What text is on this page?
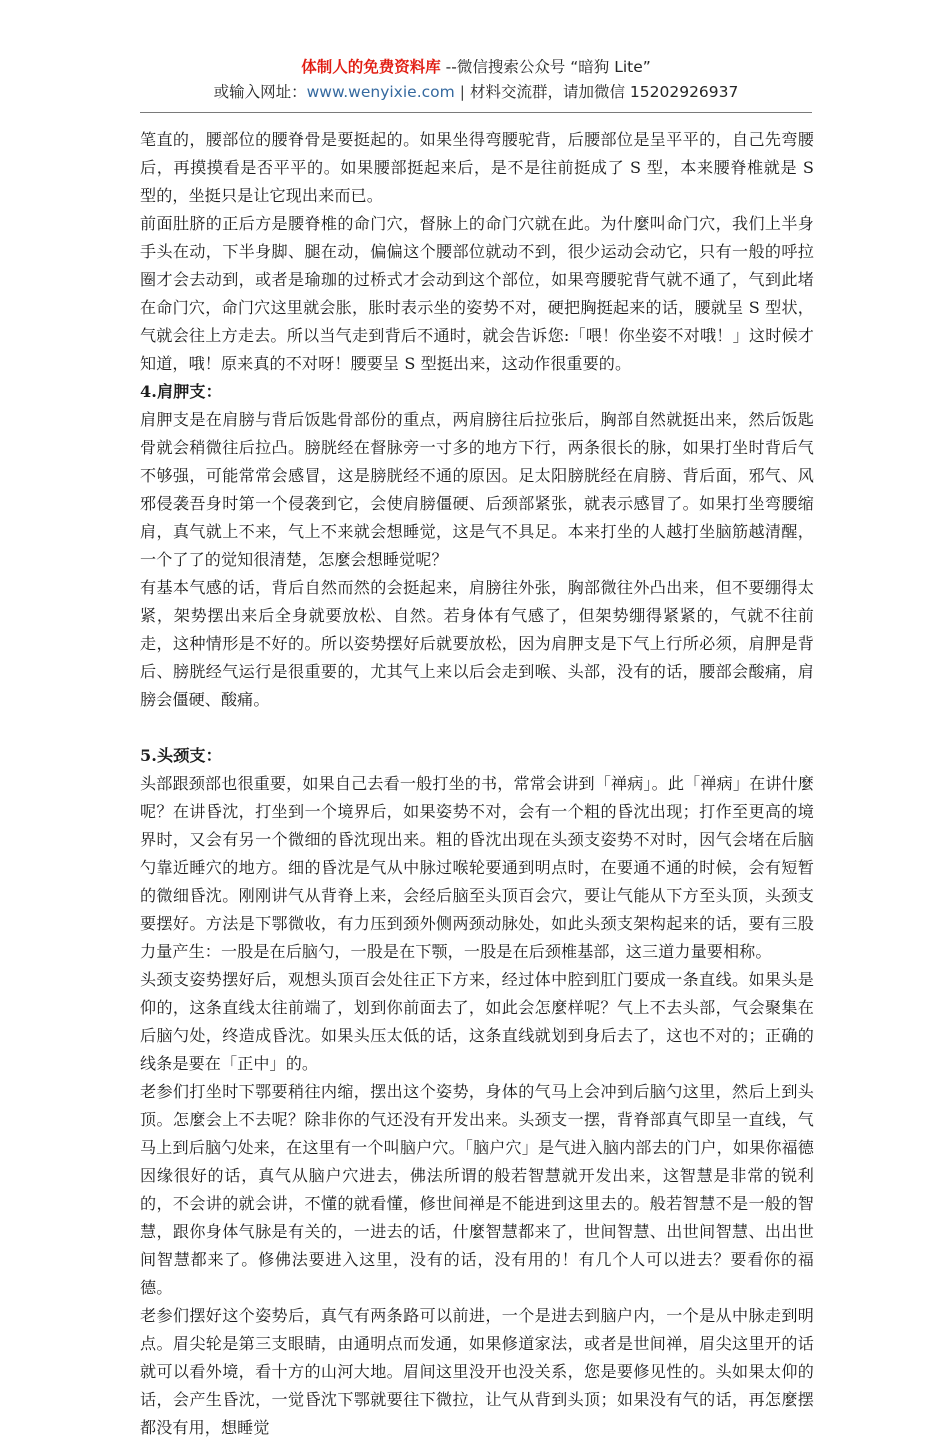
体制人的免费资料库 --微信搜索公众号 “暗狗 Lite”
或输入网址：www.wenyixie.com | 材料交流群，请加微信 15202926937

笔直的，腰部位的腰脊骨是要挺起的。如果坐得弯腰驼背，后腰部位是呈平平的，自己先弯腰后，再摸摸看是否平平的。如果腰部挺起来后，是不是往前挺成了 S 型，本来腰脊椎就是 S 型的，坐挺只是让它现出来而已。

前面肚脐的正后方是腰脊椎的命门穴，督脉上的命门穴就在此。为什麼叫命门穴，我们上半身手头在动，下半身脚、腿在动，偏偏这个腰部位就动不到，很少运动会动它，只有一般的呼拉圈才会去动到，或者是瑜珈的过桥式才会动到这个部位，如果弯腰驼背气就不通了，气到此堵在命门穴，命门穴这里就会胀，胀时表示坐的姿势不对，硬把胸挺起来的话，腰就呈 S 型状，气就会往上方走去。所以当气走到背后不通时，就会告诉您:「喂！你坐姿不对哦！」这时候才知道，哦！原来真的不对呀！腰要呈 S 型挺出来，这动作很重要的。

4.肩胛支：

肩胛支是在肩膀与背后饭匙骨部份的重点，两肩膀往后拉张后，胸部自然就挺出来，然后饭匙骨就会稍微往后拉凸。膀胱经在督脉旁一寸多的地方下行，两条很长的脉，如果打坐时背后气不够强，可能常常会感冒，这是膀胱经不通的原因。足太阳膀胱经在肩膀、背后面，邪气、风邪侵袭吾身时第一个侵袭到它，会使肩膀僵硬、后颈部紧张，就表示感冒了。如果打坐弯腰缩肩，真气就上不来，气上不来就会想睡觉，这是气不具足。本来打坐的人越打坐脑筋越清醒，一个了了的觉知很清楚，怎麼会想睡觉呢？

有基本气感的话，背后自然而然的会挺起来，肩膀往外张，胸部微往外凸出来，但不要绷得太紧，架势摆出来后全身就要放松、自然。若身体有气感了，但架势绷得紧紧的，气就不往前走，这种情形是不好的。所以姿势摆好后就要放松，因为肩胛支是下气上行所必须，肩胛是背后、膀胱经气运行是很重要的，尤其气上来以后会走到喉、头部，没有的话，腰部会酸痛，肩膀会僵硬、酸痛。

5.头颈支：

头部跟颈部也很重要，如果自己去看一般打坐的书，常常会讲到「禅病」。此「禅病」在讲什麼呢？在讲昏沈，打坐到一个境界后，如果姿势不对，会有一个粗的昏沈出现；打作至更高的境界时，又会有另一个微细的昏沈现出来。粗的昏沈出现在头颈支姿势不对时，因气会堵在后脑勺靠近睡穴的地方。细的昏沈是气从中脉过喉轮要通到明点时，在要通不通的时候，会有短暂的微细昏沈。刚刚讲气从背脊上来，会经后脑至头顶百会穴，要让气能从下方至头顶，头颈支要摆好。方法是下鄂微收，有力压到颈外侧两颈动脉处，如此头颈支架构起来的话，要有三股力量产生：一股是在后脑勺，一股是在下颚，一股是在后颈椎基部，这三道力量要相称。

头颈支姿势摆好后，观想头顶百会处往正下方来，经过体中腔到肛门要成一条直线。如果头是仰的，这条直线太往前端了，划到你前面去了，如此会怎麼样呢？气上不去头部，气会聚集在后脑勺处，终造成昏沈。如果头压太低的话，这条直线就划到身后去了，这也不对的；正确的线条是要在「正中」的。

老参们打坐时下鄂要稍往内缩，摆出这个姿势，身体的气马上会冲到后脑勺这里，然后上到头顶。怎麼会上不去呢？除非你的气还没有开发出来。头颈支一摆，背脊部真气即呈一直线，气马上到后脑勺处来，在这里有一个叫脑户穴。「脑户穴」是气进入脑内部去的门户，如果你福德因缘很好的话，真气从脑户穴进去，佛法所谓的般若智慧就开发出来，这智慧是非常的锐利的，不会讲的就会讲，不懂的就看懂，修世间禅是不能进到这里去的。般若智慧不是一般的智慧，跟你身体气脉是有关的，一进去的话，什麼智慧都来了，世间智慧、出世间智慧、出出世间智慧都来了。修佛法要进入这里，没有的话，没有用的！有几个人可以进去？要看你的福德。

老参们摆好这个姿势后，真气有两条路可以前进，一个是进去到脑户内，一个是从中脉走到明点。眉尖轮是第三支眼睛，由通明点而发通，如果修道家法，或者是世间禅，眉尖这里开的话就可以看外境，看十方的山河大地。眉间这里没开也没关系，您是要修见性的。头如果太仰的话，会产生昏沈，一觉昏沈下鄂就要往下微拉，让气从背到头顶；如果没有气的话，再怎麼摆都没有用，想睡觉
